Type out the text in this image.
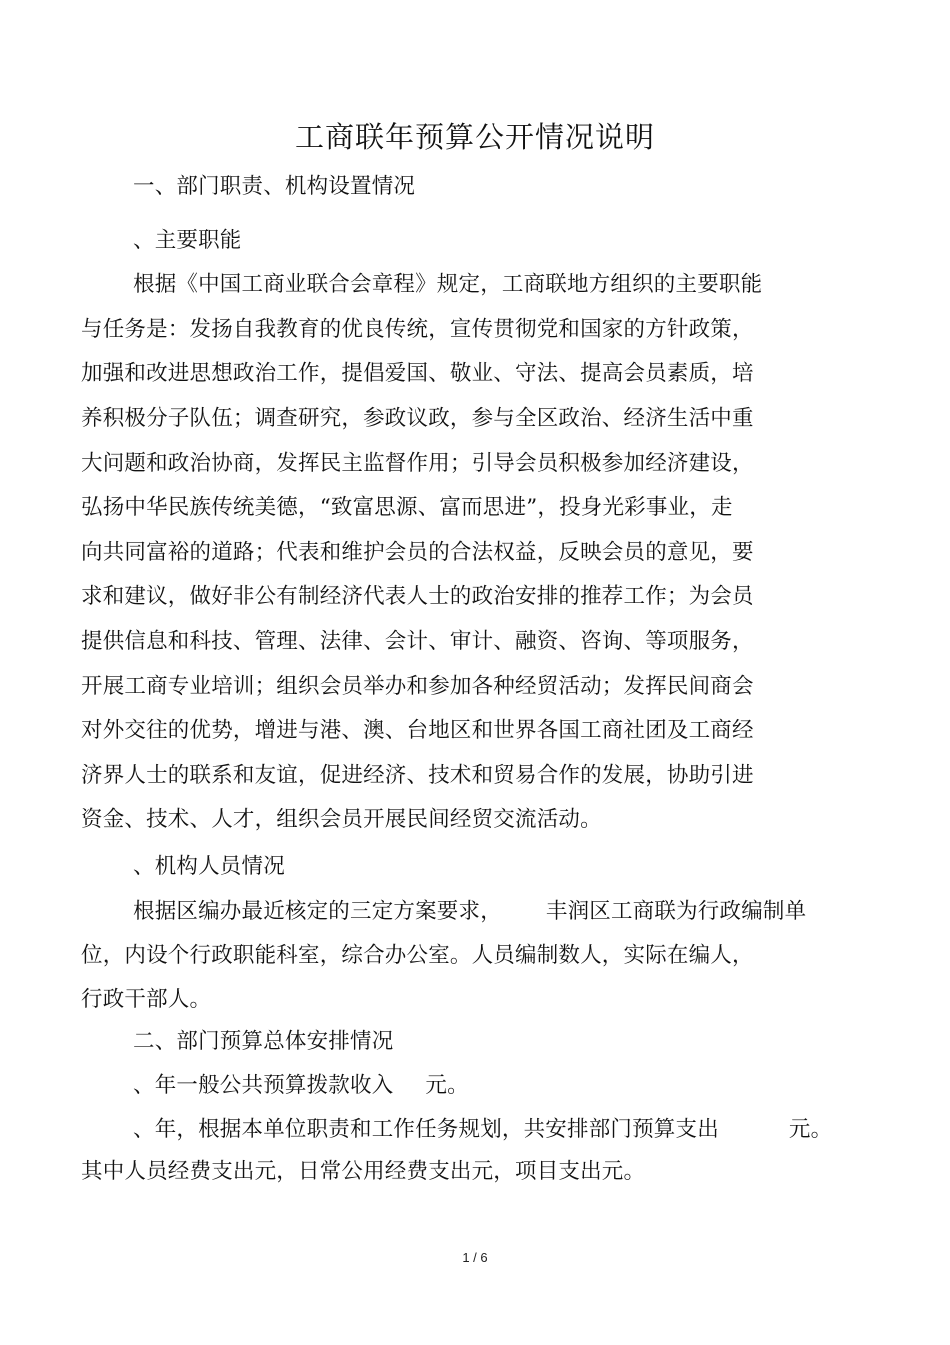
工商联年预算公开情况说明
一、部门职责、机构设置情况
、主要职能
根据《中国工商业联合会章程》规定，工商联地方组织的主要职能
与任务是：发扬自我教育的优良传统，宣传贯彻党和国家的方针政策，
加强和改进思想政治工作，提倡爱国、敬业、守法、提高会员素质，培
养积极分子队伍；调查研究，参政议政，参与全区政治、经济生活中重
大问题和政治协商，发挥民主监督作用；引导会员积极参加经济建设，
弘扬中华民族传统美德，“致富思源、富而思进”，投身光彩事业，走
向共同富裕的道路；代表和维护会员的合法权益，反映会员的意见，要
求和建议，做好非公有制经济代表人士的政治安排的推荐工作；为会员
提供信息和科技、管理、法律、会计、审计、融资、咨询、等项服务，
开展工商专业培训；组织会员举办和参加各种经贸活动；发挥民间商会
对外交往的优势，增进与港、澳、台地区和世界各国工商社团及工商经
济界人士的联系和友谊，促进经济、技术和贸易合作的发展，协助引进
资金、技术、人才，组织会员开展民间经贸交流活动。
、机构人员情况
根据区编办最近核定的三定方案要求， 丰润区工商联为行政编制单
位，内设个行政职能科室，综合办公室。人员编制数人，实际在编人，
行政干部人。
二、部门预算总体安排情况
、年一般公共预算拨款收入 元。
、年，根据本单位职责和工作任务规划，共安排部门预算支出	元。
其中人员经费支出元，日常公用经费支出元，项目支出元。
1 / 6
